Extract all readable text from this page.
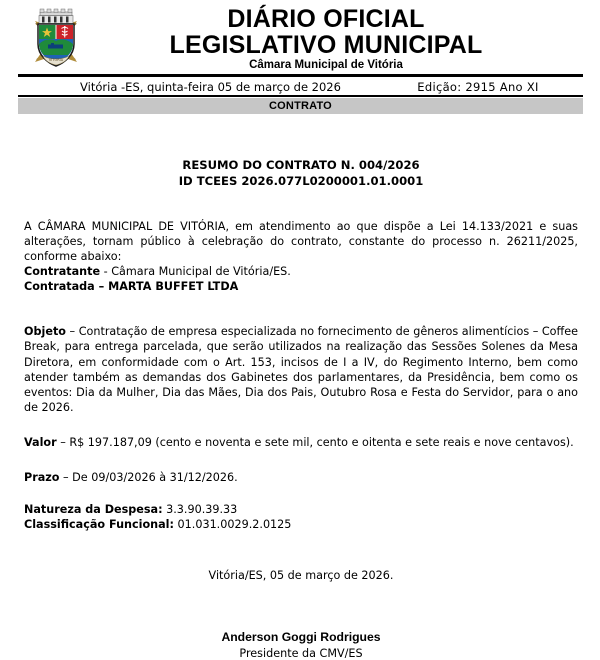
VITÓRIA
DIÁRIO OFICIAL
LEGISLATIVO MUNICIPAL
Câmara Municipal de Vitória
Vitória -ES, quinta-feira 05 de março de 2026	Edição: 2915 Ano XI
CONTRATO
RESUMO DO CONTRATO N. 004/2026
ID TCEES 2026.077L0200001.01.0001
A CÂMARA MUNICIPAL DE VITÓRIA, em atendimento ao que dispõe a Lei 14.133/2021 e suas alterações, tornam público à celebração do contrato, constante do processo n. 26211/2025, conforme abaixo:
Contratante - Câmara Municipal de Vitória/ES.
Contratada – MARTA BUFFET LTDA
Objeto – Contratação de empresa especializada no fornecimento de gêneros alimentícios – Coffee Break, para entrega parcelada, que serão utilizados na realização das Sessões Solenes da Mesa Diretora, em conformidade com o Art. 153, incisos de I a IV, do Regimento Interno, bem como atender também as demandas dos Gabinetes dos parlamentares, da Presidência, bem como os eventos: Dia da Mulher, Dia das Mães, Dia dos Pais, Outubro Rosa e Festa do Servidor, para o ano de 2026.
Valor – R$ 197.187,09 (cento e noventa e sete mil, cento e oitenta e sete reais e nove centavos).
Prazo – De 09/03/2026 à 31/12/2026.
Natureza da Despesa: 3.3.90.39.33
Classificação Funcional: 01.031.0029.2.0125
Vitória/ES, 05 de março de 2026.
Anderson Goggi Rodrigues
Presidente da CMV/ES
